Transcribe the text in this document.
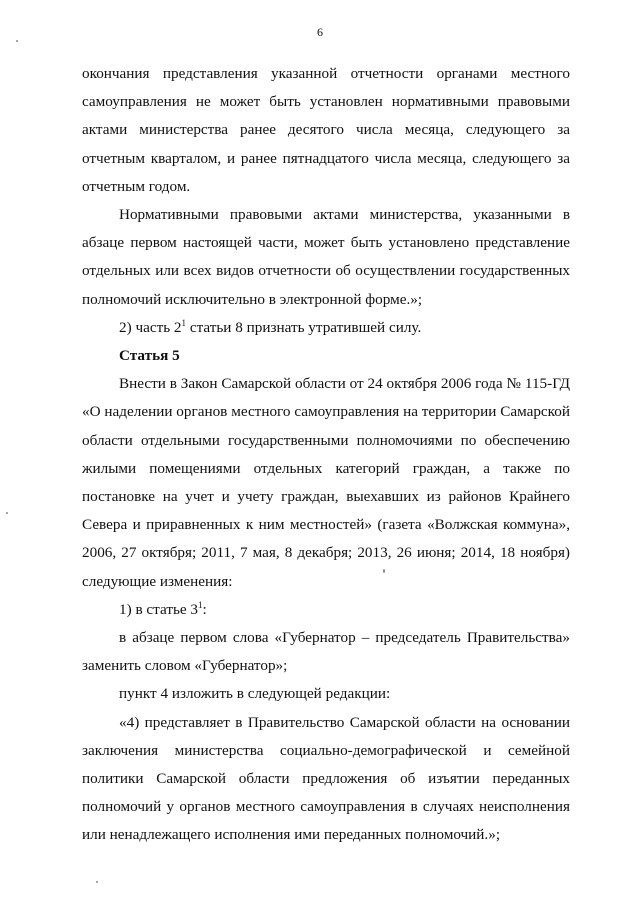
6

окончания представления указанной отчетности органами местного самоуправления не может быть установлен нормативными правовыми актами министерства ранее десятого числа месяца, следующего за отчетным кварталом, и ранее пятнадцатого числа месяца, следующего за отчетным годом.

Нормативными правовыми актами министерства, указанными в абзаце первом настоящей части, может быть установлено представление отдельных или всех видов отчетности об осуществлении государственных полномочий исключительно в электронной форме.»;

2) часть $2^1$ статьи 8 признать утратившей силу.

Статья 5

Внести в Закон Самарской области от 24 октября 2006 года № 115-ГД «О наделении органов местного самоуправления на территории Самарской области отдельными государственными полномочиями по обеспечению жилыми помещениями отдельных категорий граждан, а также по постановке на учет и учету граждан, выехавших из районов Крайнего Севера и приравненных к ним местностей» (газета «Волжская коммуна», 2006, 27 октября; 2011, 7 мая, 8 декабря; 2013, 26 июня; 2014, 18 ноября) следующие изменения:

1) в статье $3^1$:

в абзаце первом слова «Губернатор – председатель Правительства» заменить словом «Губернатор»;

пункт 4 изложить в следующей редакции:

«4) представляет в Правительство Самарской области на основании заключения министерства социально-демографической и семейной политики Самарской области предложения об изъятии переданных полномочий у органов местного самоуправления в случаях неисполнения или ненадлежащего исполнения ими переданных полномочий.»;
